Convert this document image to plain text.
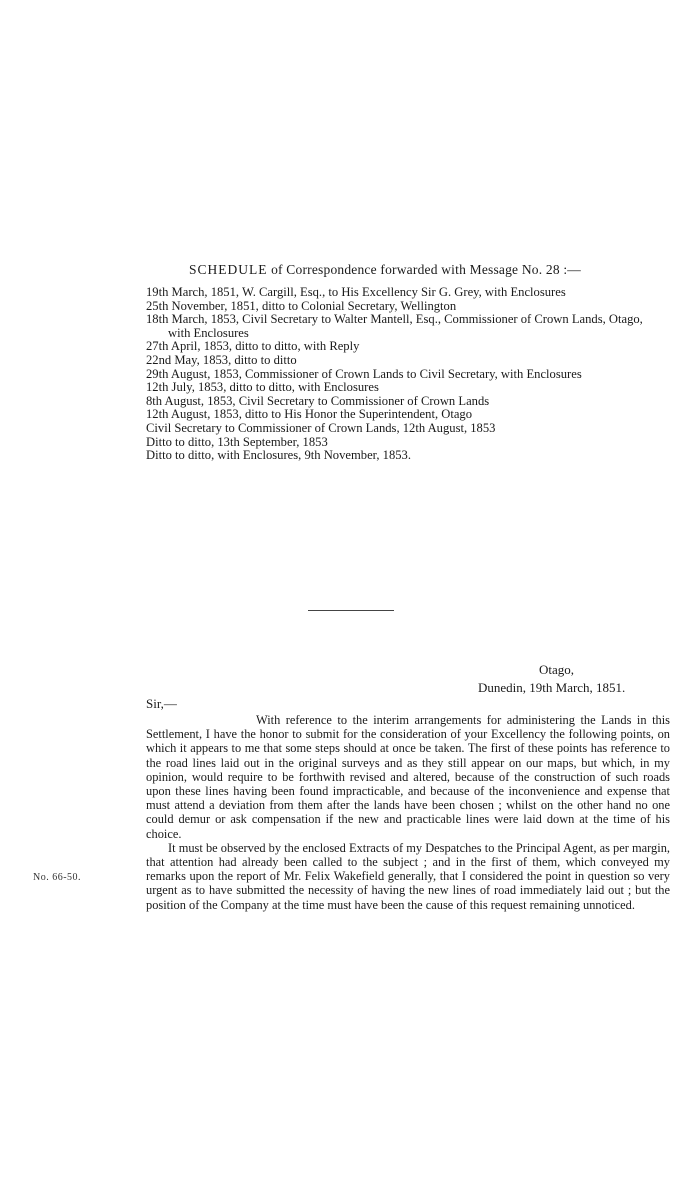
SCHEDULE of Correspondence forwarded with Message No. 28 :—

19th March, 1851, W. Cargill, Esq., to His Excellency Sir G. Grey, with Enclosures

25th November, 1851, ditto to Colonial Secretary, Wellington

18th March, 1853, Civil Secretary to Walter Mantell, Esq., Commissioner of Crown Lands, Otago, with Enclosures

27th April, 1853, ditto to ditto, with Reply

22nd May, 1853, ditto to ditto

29th August, 1853, Commissioner of Crown Lands to Civil Secretary, with Enclosures

12th July, 1853, ditto to ditto, with Enclosures

8th August, 1853, Civil Secretary to Commissioner of Crown Lands

12th August, 1853, ditto to His Honor the Superintendent, Otago

Civil Secretary to Commissioner of Crown Lands, 12th August, 1853

Ditto to ditto, 13th September, 1853

Ditto to ditto, with Enclosures, 9th November, 1853.

Otago,
Dunedin, 19th March, 1851.
Sir,—

With reference to the interim arrangements for administering the Lands in this Settlement, I have the honor to submit for the consideration of your Excellency the following points, on which it appears to me that some steps should at once be taken. The first of these points has reference to the road lines laid out in the original surveys and as they still appear on our maps, but which, in my opinion, would require to be forthwith revised and altered, because of the construction of such roads upon these lines having been found impracticable, and because of the inconvenience and expense that must attend a deviation from them after the lands have been chosen ; whilst on the other hand no one could demur or ask compensation if the new and practicable lines were laid down at the time of his choice.

It must be observed by the enclosed Extracts of my Despatches to the Principal Agent, as per margin, that attention had already been called to the subject ; and in the first of them, which conveyed my remarks upon the report of Mr. Felix Wakefield generally, that I considered the point in question so very urgent as to have submitted the necessity of having the new lines of road immediately laid out ; but the position of the Company at the time must have been the cause of this request remaining unnoticed.

No. 66-50.
